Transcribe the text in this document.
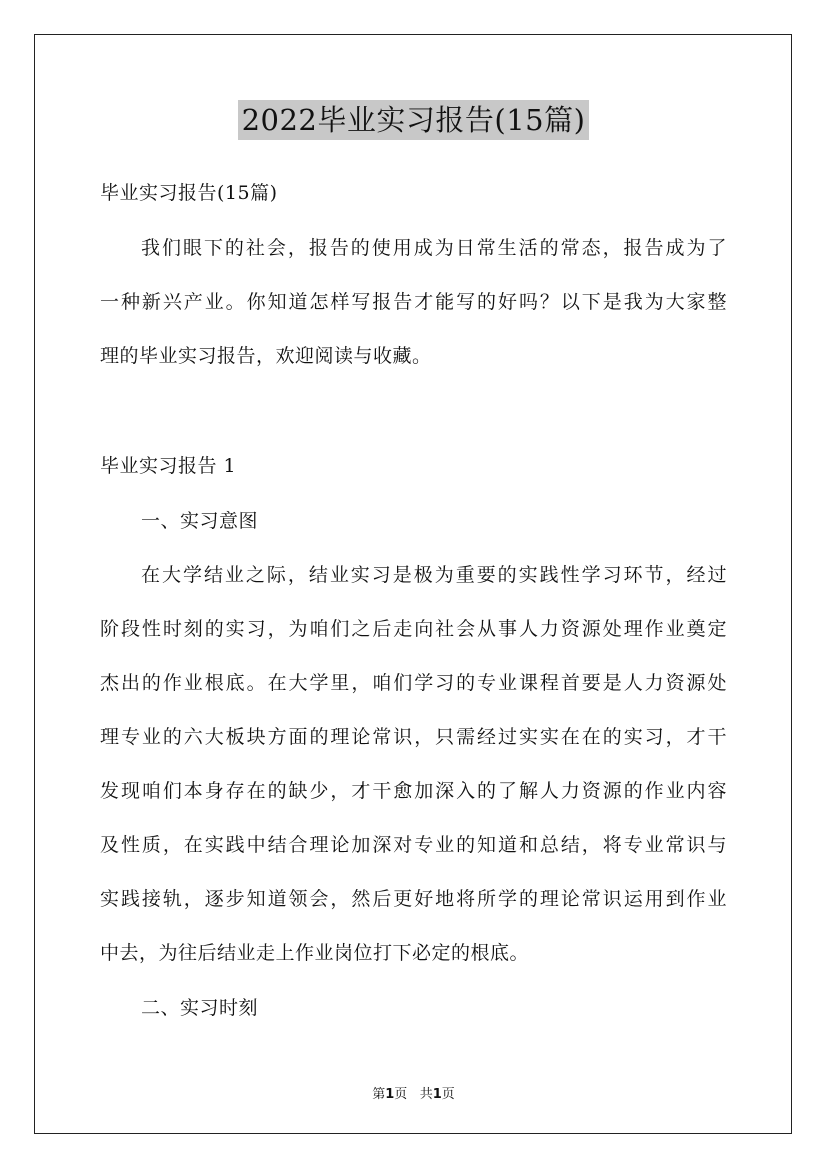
2022毕业实习报告(15篇)
毕业实习报告(15篇)
我们眼下的社会，报告的使用成为日常生活的常态，报告成为了
一种新兴产业。你知道怎样写报告才能写的好吗？以下是我为大家整
理的毕业实习报告，欢迎阅读与收藏。
毕业实习报告 1
一、实习意图
在大学结业之际，结业实习是极为重要的实践性学习环节，经过
阶段性时刻的实习，为咱们之后走向社会从事人力资源处理作业奠定
杰出的作业根底。在大学里，咱们学习的专业课程首要是人力资源处
理专业的六大板块方面的理论常识，只需经过实实在在的实习，才干
发现咱们本身存在的缺少，才干愈加深入的了解人力资源的作业内容
及性质，在实践中结合理论加深对专业的知道和总结，将专业常识与
实践接轨，逐步知道领会，然后更好地将所学的理论常识运用到作业
中去，为往后结业走上作业岗位打下必定的根底。
二、实习时刻
第1页 共1页
